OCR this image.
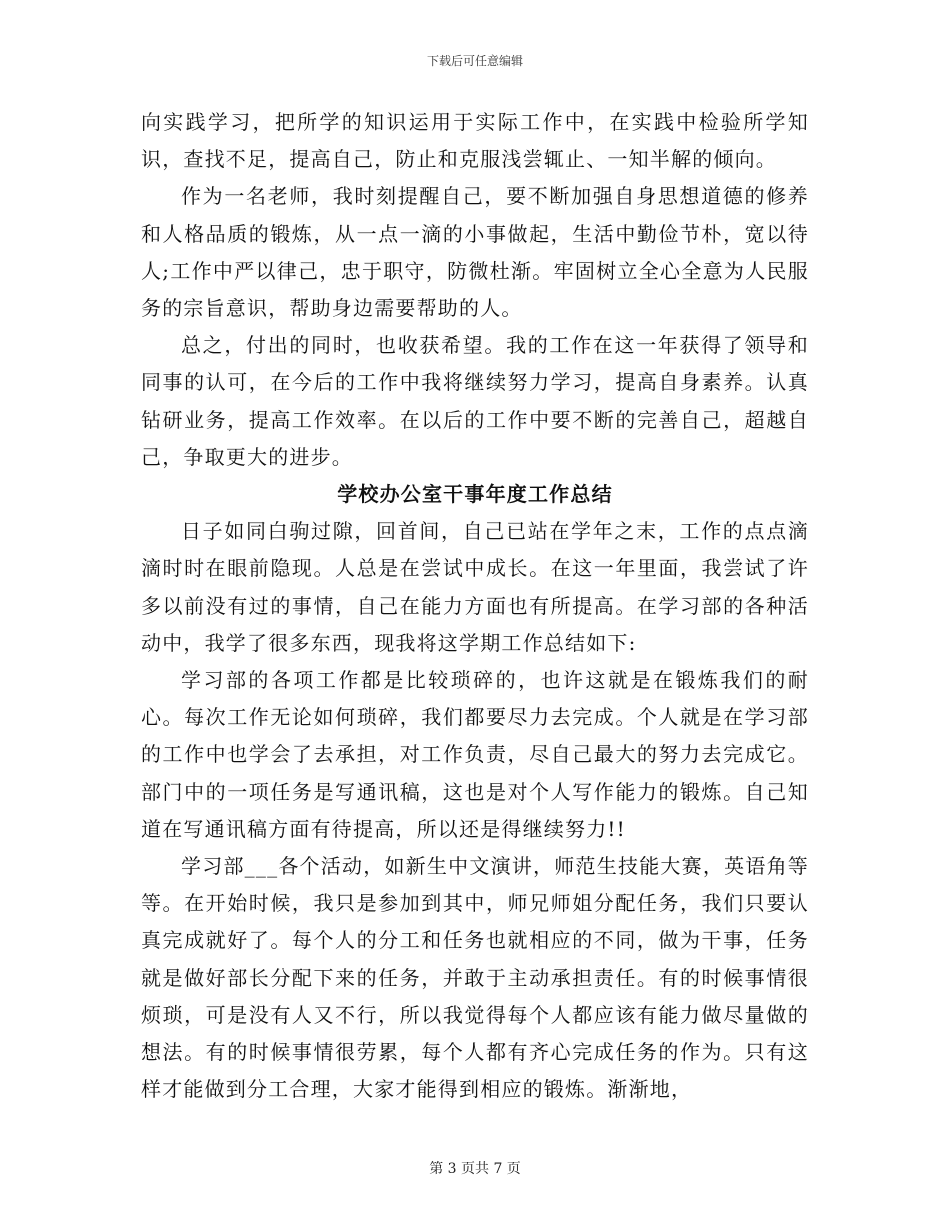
下载后可任意编辑

向实践学习，把所学的知识运用于实际工作中，在实践中检验所学知识，查找不足，提高自己，防止和克服浅尝辄止、一知半解的倾向。

作为一名老师，我时刻提醒自己，要不断加强自身思想道德的修养和人格品质的锻炼，从一点一滴的小事做起，生活中勤俭节朴，宽以待人;工作中严以律己，忠于职守，防微杜渐。牢固树立全心全意为人民服务的宗旨意识，帮助身边需要帮助的人。

总之，付出的同时，也收获希望。我的工作在这一年获得了领导和同事的认可，在今后的工作中我将继续努力学习，提高自身素养。认真钻研业务，提高工作效率。在以后的工作中要不断的完善自己，超越自己，争取更大的进步。

学校办公室干事年度工作总结

日子如同白驹过隙，回首间，自己已站在学年之末，工作的点点滴滴时时在眼前隐现。人总是在尝试中成长。在这一年里面，我尝试了许多以前没有过的事情，自己在能力方面也有所提高。在学习部的各种活动中，我学了很多东西，现我将这学期工作总结如下:

学习部的各项工作都是比较琐碎的，也许这就是在锻炼我们的耐心。每次工作无论如何琐碎，我们都要尽力去完成。个人就是在学习部的工作中也学会了去承担，对工作负责，尽自己最大的努力去完成它。部门中的一项任务是写通讯稿，这也是对个人写作能力的锻炼。自己知道在写通讯稿方面有待提高，所以还是得继续努力!!

学习部___各个活动，如新生中文演讲，师范生技能大赛，英语角等等。在开始时候，我只是参加到其中，师兄师姐分配任务，我们只要认真完成就好了。每个人的分工和任务也就相应的不同，做为干事，任务就是做好部长分配下来的任务，并敢于主动承担责任。有的时候事情很烦琐，可是没有人又不行，所以我觉得每个人都应该有能力做尽量做的想法。有的时候事情很劳累，每个人都有齐心完成任务的作为。只有这样才能做到分工合理，大家才能得到相应的锻炼。渐渐地，

第 3 页共 7 页
